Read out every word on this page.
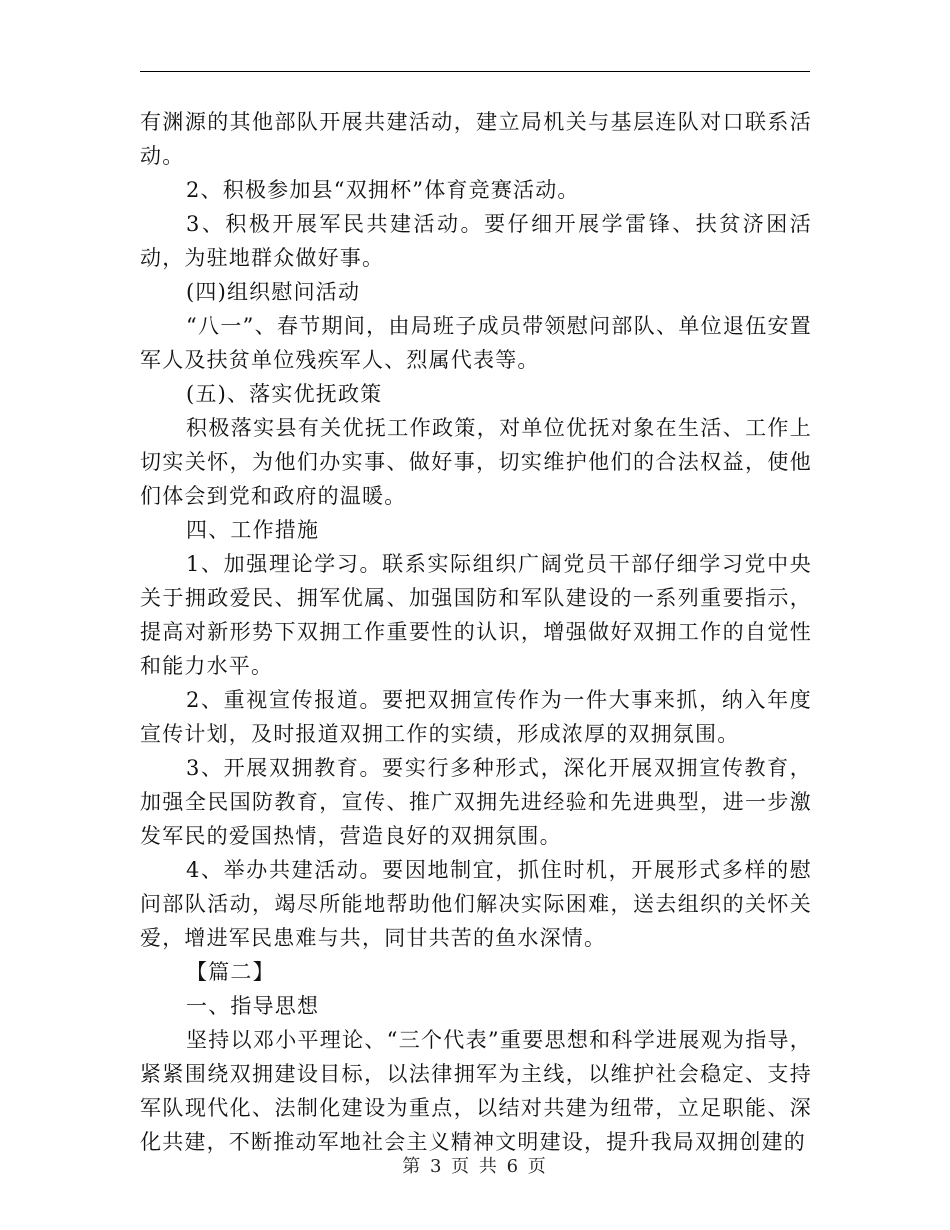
有渊源的其他部队开展共建活动，建立局机关与基层连队对口联系活动。

2、积极参加县“双拥杯”体育竞赛活动。

3、积极开展军民共建活动。要仔细开展学雷锋、扶贫济困活动，为驻地群众做好事。

(四)组织慰问活动

“八一”、春节期间，由局班子成员带领慰问部队、单位退伍安置军人及扶贫单位残疾军人、烈属代表等。

(五)、落实优抚政策

积极落实县有关优抚工作政策，对单位优抚对象在生活、工作上切实关怀，为他们办实事、做好事，切实维护他们的合法权益，使他们体会到党和政府的温暖。

四、工作措施

1、加强理论学习。联系实际组织广阔党员干部仔细学习党中央关于拥政爱民、拥军优属、加强国防和军队建设的一系列重要指示，提高对新形势下双拥工作重要性的认识，增强做好双拥工作的自觉性和能力水平。

2、重视宣传报道。要把双拥宣传作为一件大事来抓，纳入年度宣传计划，及时报道双拥工作的实绩，形成浓厚的双拥氛围。

3、开展双拥教育。要实行多种形式，深化开展双拥宣传教育，加强全民国防教育，宣传、推广双拥先进经验和先进典型，进一步激发军民的爱国热情，营造良好的双拥氛围。

4、举办共建活动。要因地制宜，抓住时机，开展形式多样的慰问部队活动，竭尽所能地帮助他们解决实际困难，送去组织的关怀关爱，增进军民患难与共，同甘共苦的鱼水深情。

【篇二】

一、指导思想

坚持以邓小平理论、“三个代表”重要思想和科学进展观为指导，紧紧围绕双拥建设目标，以法律拥军为主线，以维护社会稳定、支持军队现代化、法制化建设为重点，以结对共建为纽带，立足职能、深化共建，不断推动军地社会主义精神文明建设，提升我局双拥创建的

第 3 页 共 6 页
